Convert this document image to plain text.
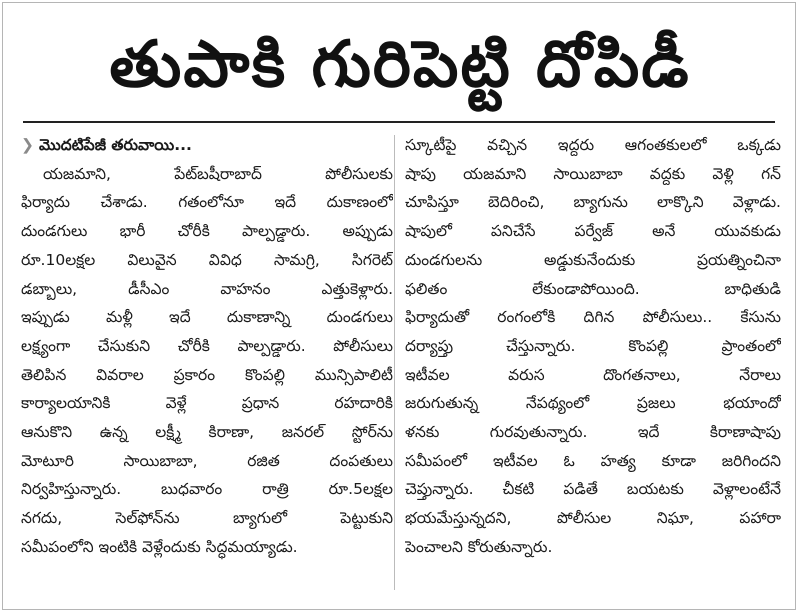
తుపాకి గురిపెట్టి దోపిడీ
❯ మొదటిపేజీ తరువాయి...
యజమాని, పేట్‌బషీరాబాద్ పోలీసులకు
ఫిర్యాదు చేశాడు. గతంలోనూ ఇదే దుకాణంలో
దుండగులు భారీ చోరీకి పాల్పడ్డారు. అప్పుడు
రూ.10లక్షల విలువైన వివిధ సామగ్రి, సిగరెట్
డబ్బాలు, డీసీఎం వాహనం ఎత్తుకెళ్లారు.
ఇప్పుడు మళ్లీ ఇదే దుకాణాన్ని దుండగులు
లక్ష్యంగా చేసుకుని చోరీకి పాల్పడ్డారు. పోలీసులు
తెలిపిన వివరాల ప్రకారం కొంపల్లి మున్సిపాలిటీ
కార్యాలయానికి వెళ్లే ప్రధాన రహదారికి
ఆనుకొని ఉన్న లక్ష్మీ కిరాణా, జనరల్ స్టోర్‌ను
మోటూరి సాయిబాబా, రజిత దంపతులు
నిర్వహిస్తున్నారు. బుధవారం రాత్రి రూ.5లక్షల
నగదు, సెల్‌ఫోన్‌ను బ్యాగులో పెట్టుకుని
సమీపంలోని ఇంటికి వెళ్లేందుకు సిద్ధమయ్యాడు.
స్కూటీపై వచ్చిన ఇద్దరు ఆగంతకులలో ఒక్కడు
షాపు యజమాని సాయిబాబా వద్దకు వెళ్లి గన్
చూపిస్తూ బెదిరించి, బ్యాగును లాక్కొని వెళ్లాడు.
షాపులో పనిచేసే పర్వేజ్ అనే యువకుడు
దుండగులను అడ్డుకునేందుకు ప్రయత్నించినా
ఫలితం లేకుండాపోయింది. బాధితుడి
ఫిర్యాదుతో రంగంలోకి దిగిన పోలీసులు.. కేసును
దర్యాప్తు చేస్తున్నారు. కొంపల్లి ప్రాంతంలో
ఇటీవల వరుస దొంగతనాలు, నేరాలు
జరుగుతున్న నేపథ్యంలో ప్రజలు భయాందో
ళనకు గురవుతున్నారు. ఇదే కిరాణాషాపు
సమీపంలో ఇటీవల ఓ హత్య కూడా జరిగిందని
చెప్తున్నారు. చీకటి పడితే బయటకు వెళ్లాలంటేనే
భయమేస్తున్నదని, పోలీసుల నిఘా, పహారా
పెంచాలని కోరుతున్నారు.
